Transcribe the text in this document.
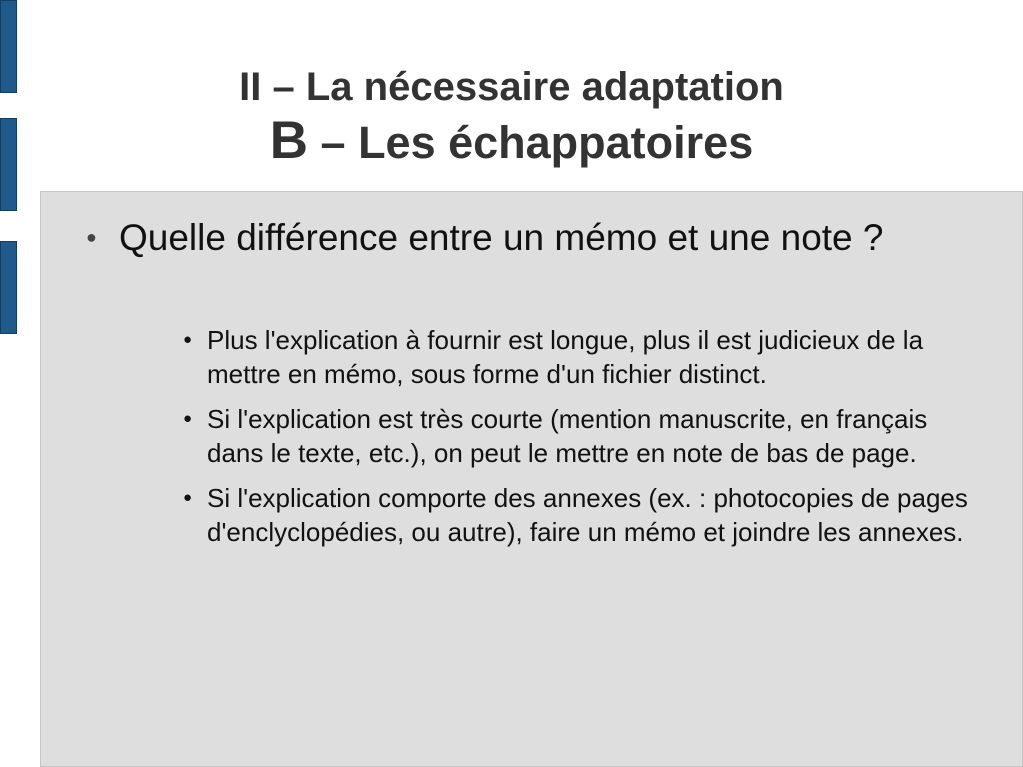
II – La nécessaire adaptation
B – Les échappatoires
● Quelle différence entre un mémo et une note ?
● Plus l'explication à fournir est longue, plus il est judicieux de la mettre en mémo, sous forme d'un fichier distinct.
● Si l'explication est très courte (mention manuscrite, en français dans le texte, etc.), on peut le mettre en note de bas de page.
● Si l'explication comporte des annexes (ex. : photocopies de pages d'enclyclopédies, ou autre), faire un mémo et joindre les annexes.
